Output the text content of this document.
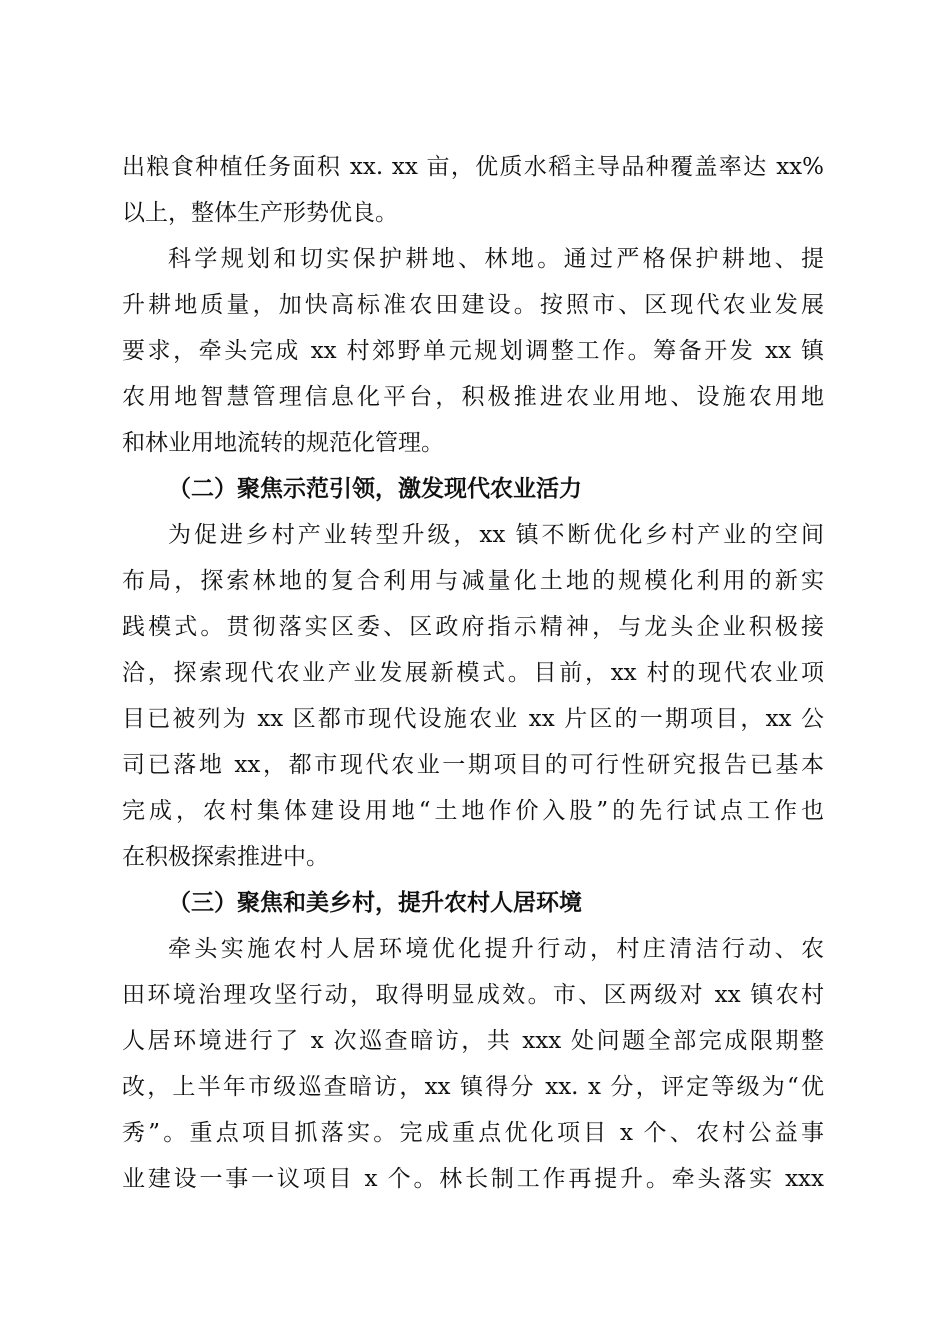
出粮食种植任务面积 xx. xx 亩，优质水稻主导品种覆盖率达 xx%
以上，整体生产形势优良。
科学规划和切实保护耕地、林地。通过严格保护耕地、提
升耕地质量，加快高标准农田建设。按照市、区现代农业发展
要求，牵头完成 xx 村郊野单元规划调整工作。筹备开发 xx 镇
农用地智慧管理信息化平台，积极推进农业用地、设施农用地
和林业用地流转的规范化管理。
（二）聚焦示范引领，激发现代农业活力
为促进乡村产业转型升级，xx 镇不断优化乡村产业的空间
布局，探索林地的复合利用与减量化土地的规模化利用的新实
践模式。贯彻落实区委、区政府指示精神，与龙头企业积极接
洽，探索现代农业产业发展新模式。目前，xx 村的现代农业项
目已被列为 xx 区都市现代设施农业 xx 片区的一期项目，xx 公
司已落地 xx，都市现代农业一期项目的可行性研究报告已基本
完成，农村集体建设用地“土地作价入股”的先行试点工作也
在积极探索推进中。
（三）聚焦和美乡村，提升农村人居环境
牵头实施农村人居环境优化提升行动，村庄清洁行动、农
田环境治理攻坚行动，取得明显成效。市、区两级对 xx 镇农村
人居环境进行了 x 次巡查暗访，共 xxx 处问题全部完成限期整
改，上半年市级巡查暗访，xx 镇得分 xx. x 分，评定等级为“优
秀”。重点项目抓落实。完成重点优化项目 x 个、农村公益事
业建设一事一议项目 x 个。林长制工作再提升。牵头落实 xxx
